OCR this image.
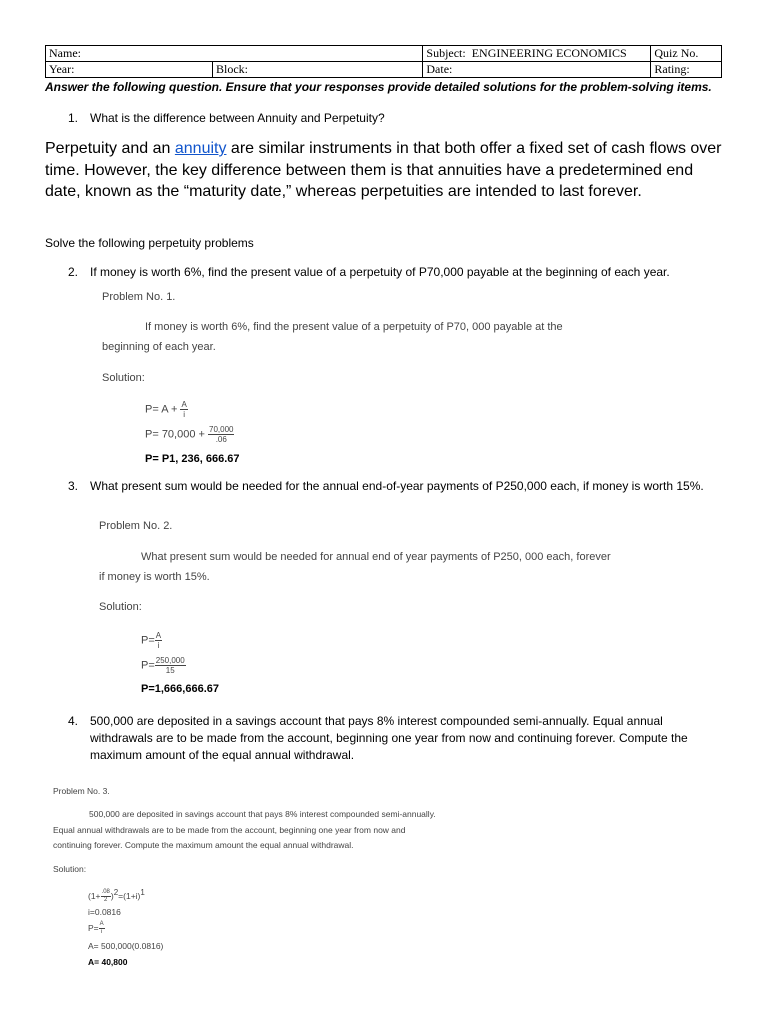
Name:		Subject: ENGINEERING ECONOMICS	Quiz No.
Year:	Block:	Date:	Rating:
Answer the following question. Ensure that your responses provide detailed solutions for the problem-solving items.
1. What is the difference between Annuity and Perpetuity?
Perpetuity and an annuity are similar instruments in that both offer a fixed set of cash flows over time. However, the key difference between them is that annuities have a predetermined end date, known as the “maturity date,” whereas perpetuities are intended to last forever.
Solve the following perpetuity problems
2. If money is worth 6%, find the present value of a perpetuity of P70,000 payable at the beginning of each year.
Problem No. 1.
If money is worth 6%, find the present value of a perpetuity of P70, 000 payable at the
beginning of each year.
Solution:
$P= A + \frac{A}{i}$
$P= 70,000 + \frac{70,000}{.06}$
P= P1, 236, 666.67
3. What present sum would be needed for the annual end-of-year payments of P250,000 each, if money is worth 15%.
Problem No. 2.
What present sum would be needed for annual end of year payments of P250, 000 each, forever
if money is worth 15%.
Solution:
$P= \frac{A}{i}$
$P= \frac{250,000}{15}$
P=1,666,666.67
4. 500,000 are deposited in a savings account that pays 8% interest compounded semi-annually. Equal annual withdrawals are to be made from the account, beginning one year from now and continuing forever. Compute the maximum amount of the equal annual withdrawal.
Problem No. 3.
500,000 are deposited in savings account that pays 8% interest compounded semi-annually.
Equal annual withdrawals are to be made from the account, beginning one year from now and
continuing forever. Compute the maximum amount the equal annual withdrawal.
Solution:
$(1+ \frac{.08}{2} )^2=(1+i)^1$
i=0.0816
$P= \frac{A}{i}$
A= 500,000(0.0816)
A= 40,800
